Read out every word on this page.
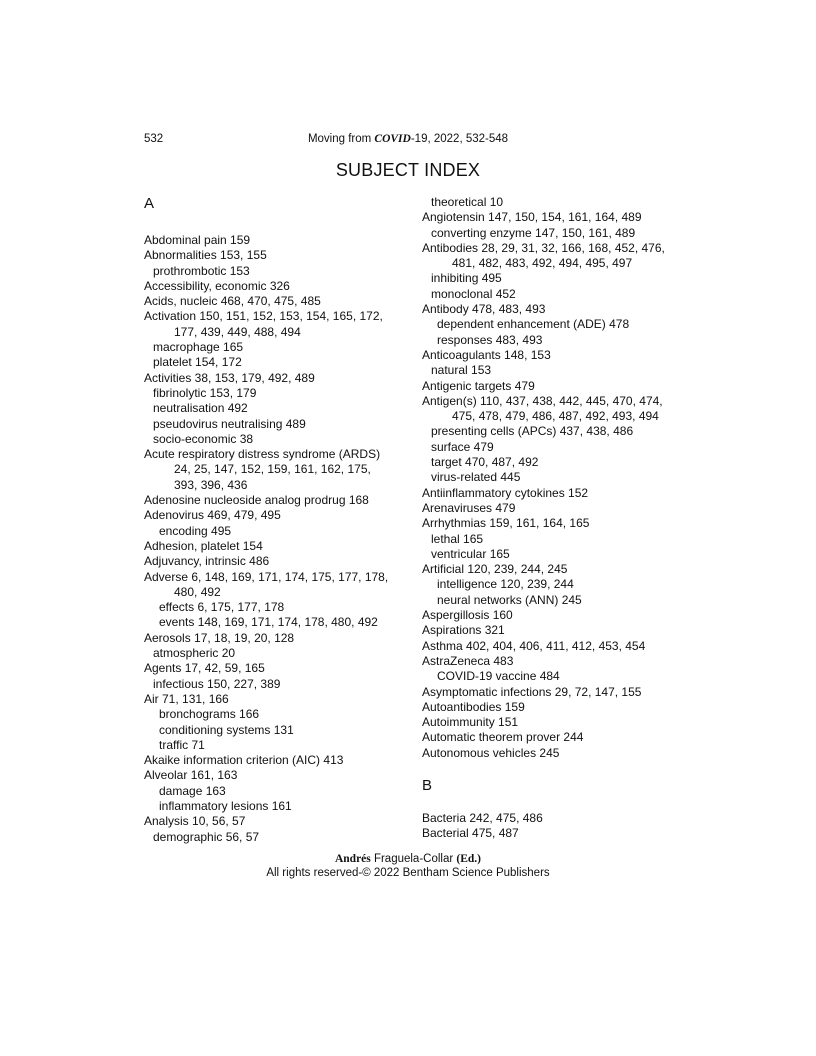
532	Moving from COVID-19, 2022, 532-548
SUBJECT INDEX
A
Abdominal pain 159
Abnormalities 153, 155
prothrombotic 153
Accessibility, economic 326
Acids, nucleic 468, 470, 475, 485
Activation 150, 151, 152, 153, 154, 165, 172,
177, 439, 449, 488, 494
macrophage 165
platelet 154, 172
Activities 38, 153, 179, 492, 489
fibrinolytic 153, 179
neutralisation 492
pseudovirus neutralising 489
socio-economic 38
Acute respiratory distress syndrome (ARDS)
24, 25, 147, 152, 159, 161, 162, 175,
393, 396, 436
Adenosine nucleoside analog prodrug 168
Adenovirus 469, 479, 495
encoding 495
Adhesion, platelet 154
Adjuvancy, intrinsic 486
Adverse 6, 148, 169, 171, 174, 175, 177, 178,
480, 492
effects 6, 175, 177, 178
events 148, 169, 171, 174, 178, 480, 492
Aerosols 17, 18, 19, 20, 128
atmospheric 20
Agents 17, 42, 59, 165
infectious 150, 227, 389
Air 71, 131, 166
bronchograms 166
conditioning systems 131
traffic 71
Akaike information criterion (AIC) 413
Alveolar 161, 163
damage 163
inflammatory lesions 161
Analysis 10, 56, 57
demographic 56, 57
theoretical 10
Angiotensin 147, 150, 154, 161, 164, 489
converting enzyme 147, 150, 161, 489
Antibodies 28, 29, 31, 32, 166, 168, 452, 476,
481, 482, 483, 492, 494, 495, 497
inhibiting 495
monoclonal 452
Antibody 478, 483, 493
dependent enhancement (ADE) 478
responses 483, 493
Anticoagulants 148, 153
natural 153
Antigenic targets 479
Antigen(s) 110, 437, 438, 442, 445, 470, 474,
475, 478, 479, 486, 487, 492, 493, 494
presenting cells (APCs) 437, 438, 486
surface 479
target 470, 487, 492
virus-related 445
Antiinflammatory cytokines 152
Arenaviruses 479
Arrhythmias 159, 161, 164, 165
lethal 165
ventricular 165
Artificial 120, 239, 244, 245
intelligence 120, 239, 244
neural networks (ANN) 245
Aspergillosis 160
Aspirations 321
Asthma 402, 404, 406, 411, 412, 453, 454
AstraZeneca 483
COVID-19 vaccine 484
Asymptomatic infections 29, 72, 147, 155
Autoantibodies 159
Autoimmunity 151
Automatic theorem prover 244
Autonomous vehicles 245
B
Bacteria 242, 475, 486
Bacterial 475, 487
Andrés Fraguela-Collar (Ed.)
All rights reserved-© 2022 Bentham Science Publishers
